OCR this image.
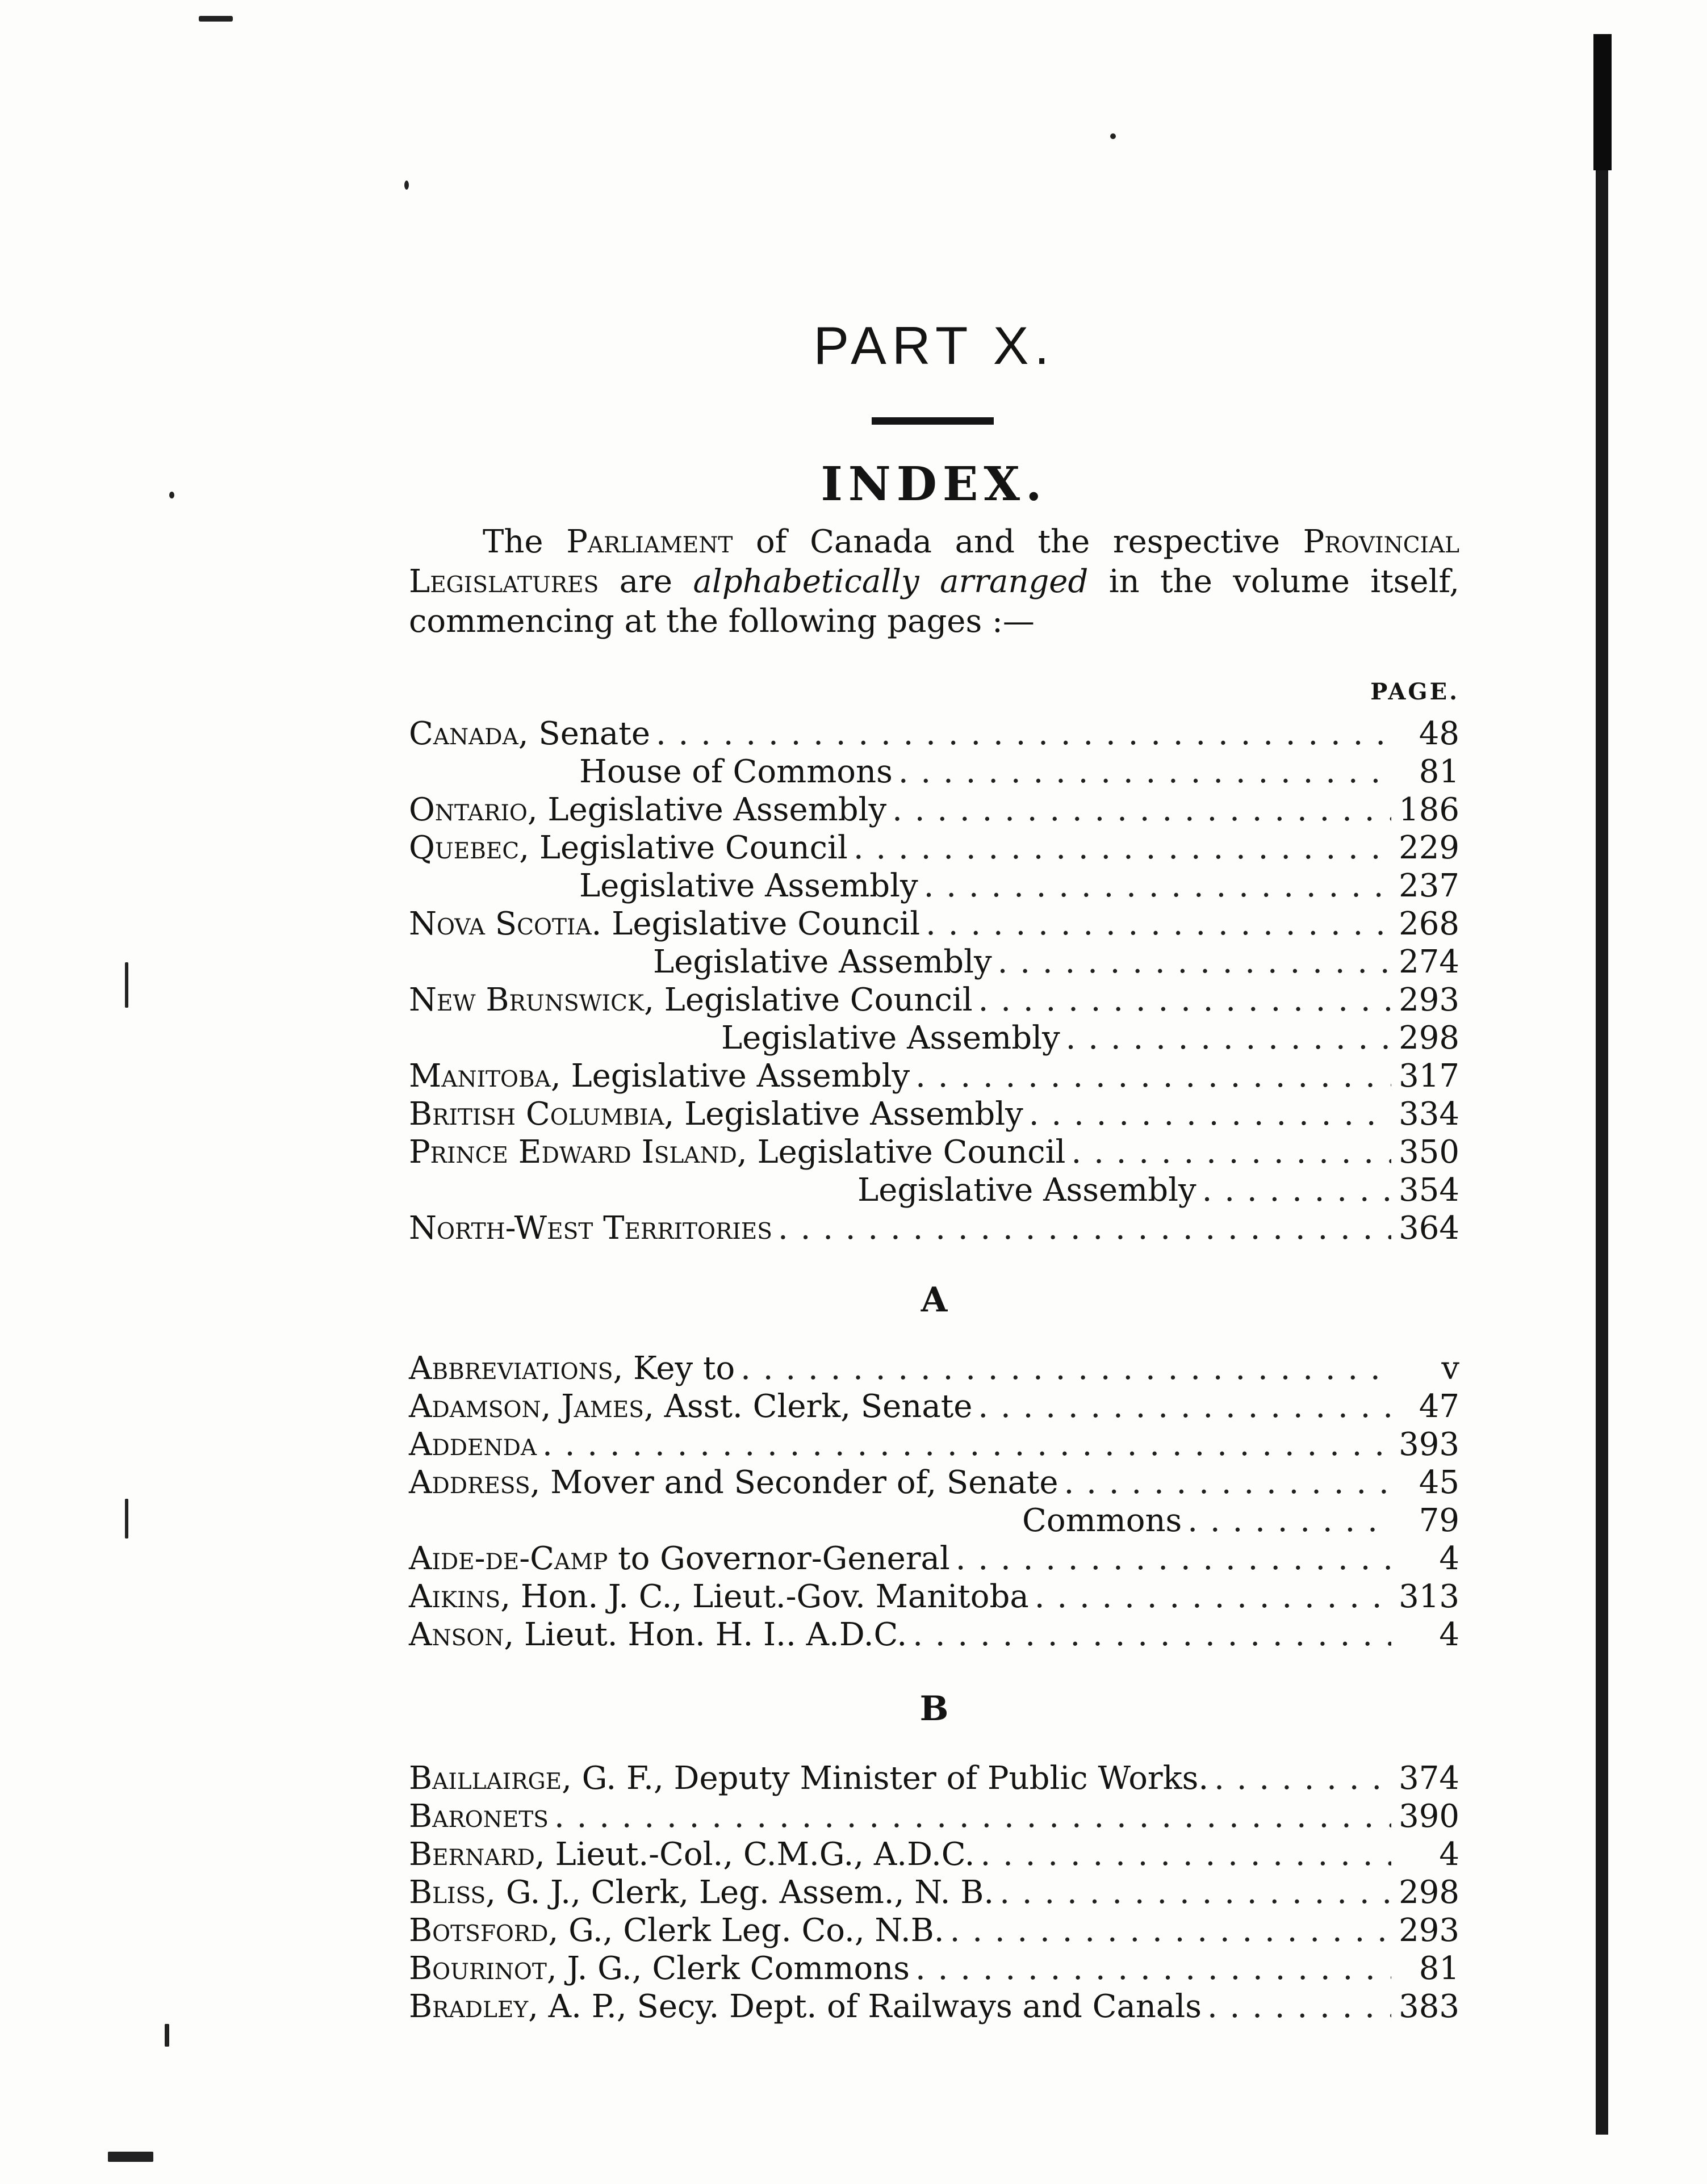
PART X.
INDEX.
The Parliament of Canada and the respective Provincial Legislatures are alphabetically arranged in the volume itself, commencing at the following pages :—
PAGE.
Canada, Senate . . .	48
House of Commons . . .	81
Ontario, Legislative Assembly . . .	186
Quebec, Legislative Council . . .	229
Legislative Assembly . . .	237
Nova Scotia. Legislative Council . . .	268
Legislative Assembly . . .	274
New Brunswick, Legislative Council . . .	293
Legislative Assembly . . .	298
Manitoba, Legislative Assembly . . .	317
British Columbia, Legislative Assembly . . .	334
Prince Edward Island, Legislative Council . . .	350
Legislative Assembly . . .	354
North-West Territories . . .	364
A
Abbreviations, Key to . . .	v
Adamson, James, Asst. Clerk, Senate . . .	47
Addenda . . .	393
Address, Mover and Seconder of, Senate . . .	45
Commons . . .	79
Aide-de-Camp to Governor-General . . .	4
Aikins, Hon. J. C., Lieut.-Gov. Manitoba . . .	313
Anson, Lieut. Hon. H. I.. A.D.C. . . .	4
B
Baillairge, G. F., Deputy Minister of Public Works. . . .	374
Baronets . . .	390
Bernard, Lieut.-Col., C.M.G., A.D.C. . . .	4
Bliss, G. J., Clerk, Leg. Assem., N. B. . . .	298
Botsford, G., Clerk Leg. Co., N.B. . . .	293
Bourinot, J. G., Clerk Commons . . .	81
Bradley, A. P., Secy. Dept. of Railways and Canals . . .	383
